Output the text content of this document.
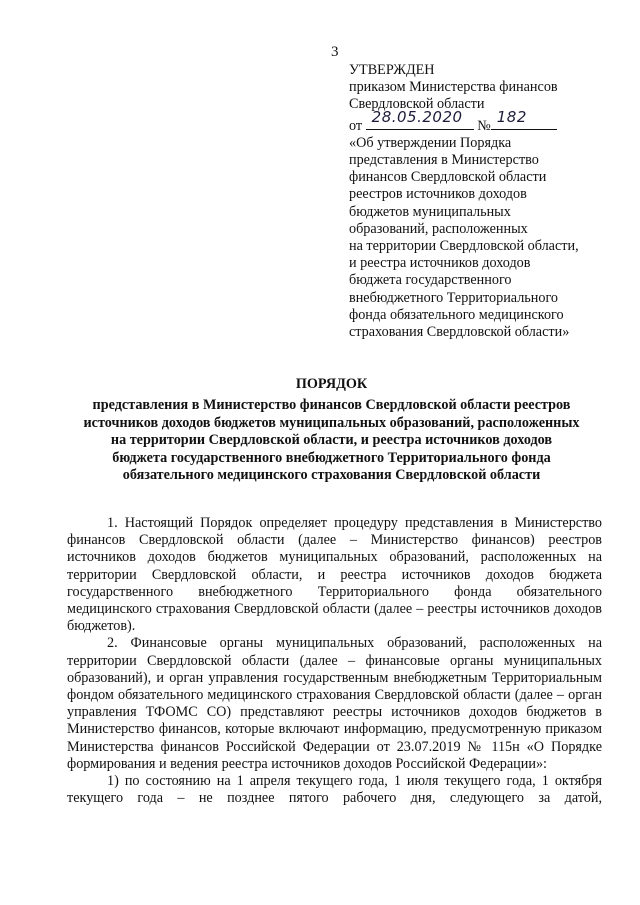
3
УТВЕРЖДЕН
приказом Министерства финансов
Свердловской области
от 28.05.2020 № 182
«Об утверждении Порядка
представления в Министерство
финансов Свердловской области
реестров источников доходов
бюджетов муниципальных
образований, расположенных
на территории Свердловской области,
и реестра источников доходов
бюджета государственного
внебюджетного Территориального
фонда обязательного медицинского
страхования Свердловской области»
ПОРЯДОК
представления в Министерство финансов Свердловской области реестров
источников доходов бюджетов муниципальных образований, расположенных
на территории Свердловской области, и реестра источников доходов
бюджета государственного внебюджетного Территориального фонда
обязательного медицинского страхования Свердловской области

1. Настоящий Порядок определяет процедуру представления в Министерство финансов Свердловской области (далее – Министерство финансов) реестров источников доходов бюджетов муниципальных образований, расположенных на территории Свердловской области, и реестра источников доходов бюджета государственного внебюджетного Территориального фонда обязательного медицинского страхования Свердловской области (далее – реестры источников доходов бюджетов).

2. Финансовые органы муниципальных образований, расположенных на территории Свердловской области (далее – финансовые органы муниципальных образований), и орган управления государственным внебюджетным Территориальным фондом обязательного медицинского страхования Свердловской области (далее – орган управления ТФОМС СО) представляют реестры источников доходов бюджетов в Министерство финансов, которые включают информацию, предусмотренную приказом Министерства финансов Российской Федерации от 23.07.2019 № 115н «О Порядке формирования и ведения реестра источников доходов Российской Федерации»:

1) по состоянию на 1 апреля текущего года, 1 июля текущего года, 1 октября текущего года – не позднее пятого рабочего дня, следующего за датой,
